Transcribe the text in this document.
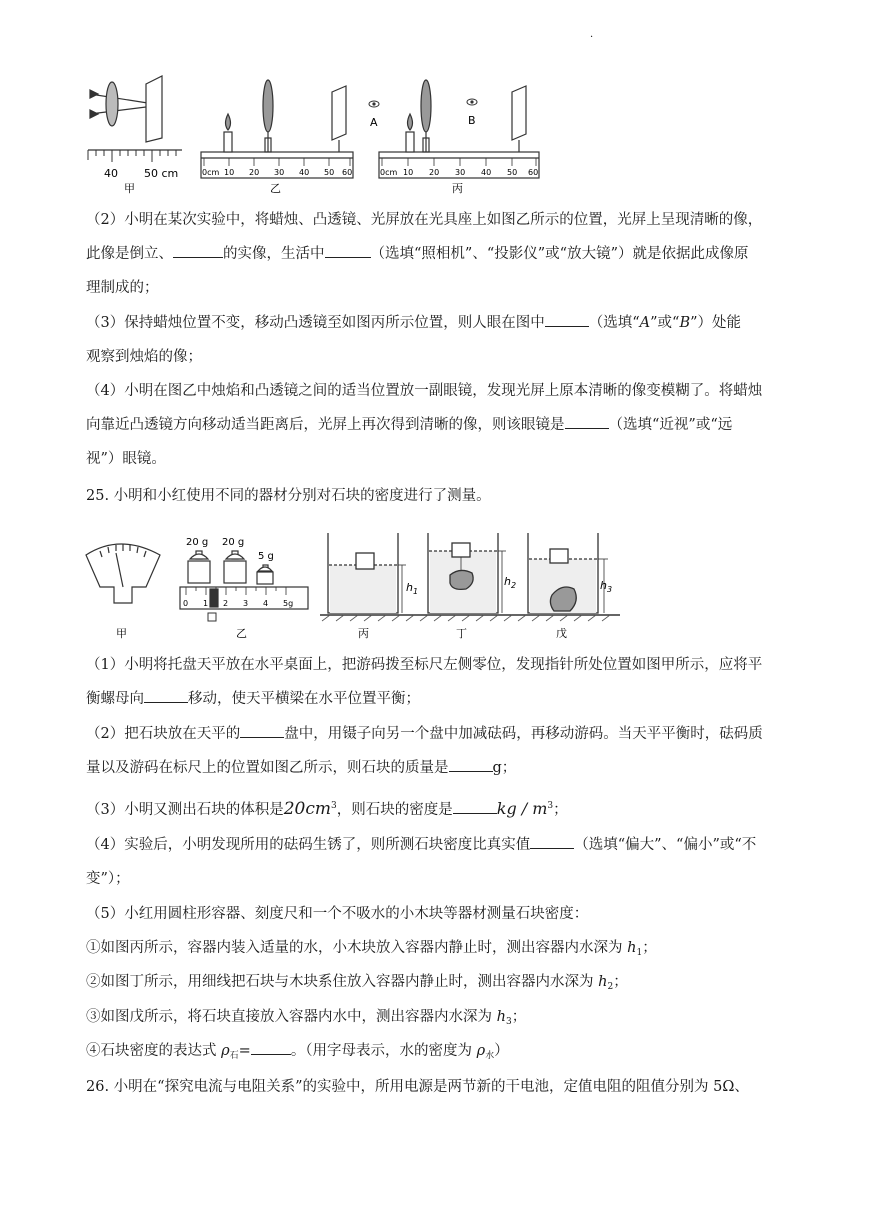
·
40 50 cm
甲
0cm 10 20 30 40 50 60
乙
A	B
0cm 10 20 30 40 50 60
丙
（2）小明在某次实验中，将蜡烛、凸透镜、光屏放在光具座上如图乙所示的位置，光屏上呈现清晰的像，
此像是倒立、	的实像，生活中	（选填“照相机”、“投影仪”或“放大镜”）就是依据此成像原
理制成的；
（3）保持蜡烛位置不变，移动凸透镜至如图丙所示位置，则人眼在图中	（选填“A”或“B”）处能
观察到烛焰的像；
（4）小明在图乙中烛焰和凸透镜之间的适当位置放一副眼镜，发现光屏上原本清晰的像变模糊了。将蜡烛
向靠近凸透镜方向移动适当距离后，光屏上再次得到清晰的像，则该眼镜是	（选填“近视”或“远
视”）眼镜。
25. 小明和小红使用不同的器材分别对石块的密度进行了测量。
甲
20 g 20 g
5 g
0 1 2 3 4 5g
乙
$h_1$
丙
$h_2$
丁
$h_3$
戊
（1）小明将托盘天平放在水平桌面上，把游码拨至标尺左侧零位，发现指针所处位置如图甲所示，应将平
衡螺母向	移动，使天平横梁在水平位置平衡；
（2）把石块放在天平的	盘中，用镊子向另一个盘中加减砝码，再移动游码。当天平平衡时，砝码质
量以及游码在标尺上的位置如图乙所示，则石块的质量是	g；
（3）小明又测出石块的体积是$20cm^3$，则石块的密度是	kg / $m^3$；
（4）实验后，小明发现所用的砝码生锈了，则所测石块密度比真实值	（选填“偏大”、“偏小”或“不
变”）；
（5）小红用圆柱形容器、刻度尺和一个不吸水的小木块等器材测量石块密度：
①如图丙所示，容器内装入适量的水，小木块放入容器内静止时，测出容器内水深为 $h_1$；
②如图丁所示，用细线把石块与木块系住放入容器内静止时，测出容器内水深为 $h_2$；
③如图戊所示，将石块直接放入容器内水中，测出容器内水深为 $h_3$；
④石块密度的表达式 $\rho_石=$	。（用字母表示，水的密度为 $\rho_水$）
26. 小明在“探究电流与电阻关系”的实验中，所用电源是两节新的干电池，定值电阻的阻值分别为 5Ω、
